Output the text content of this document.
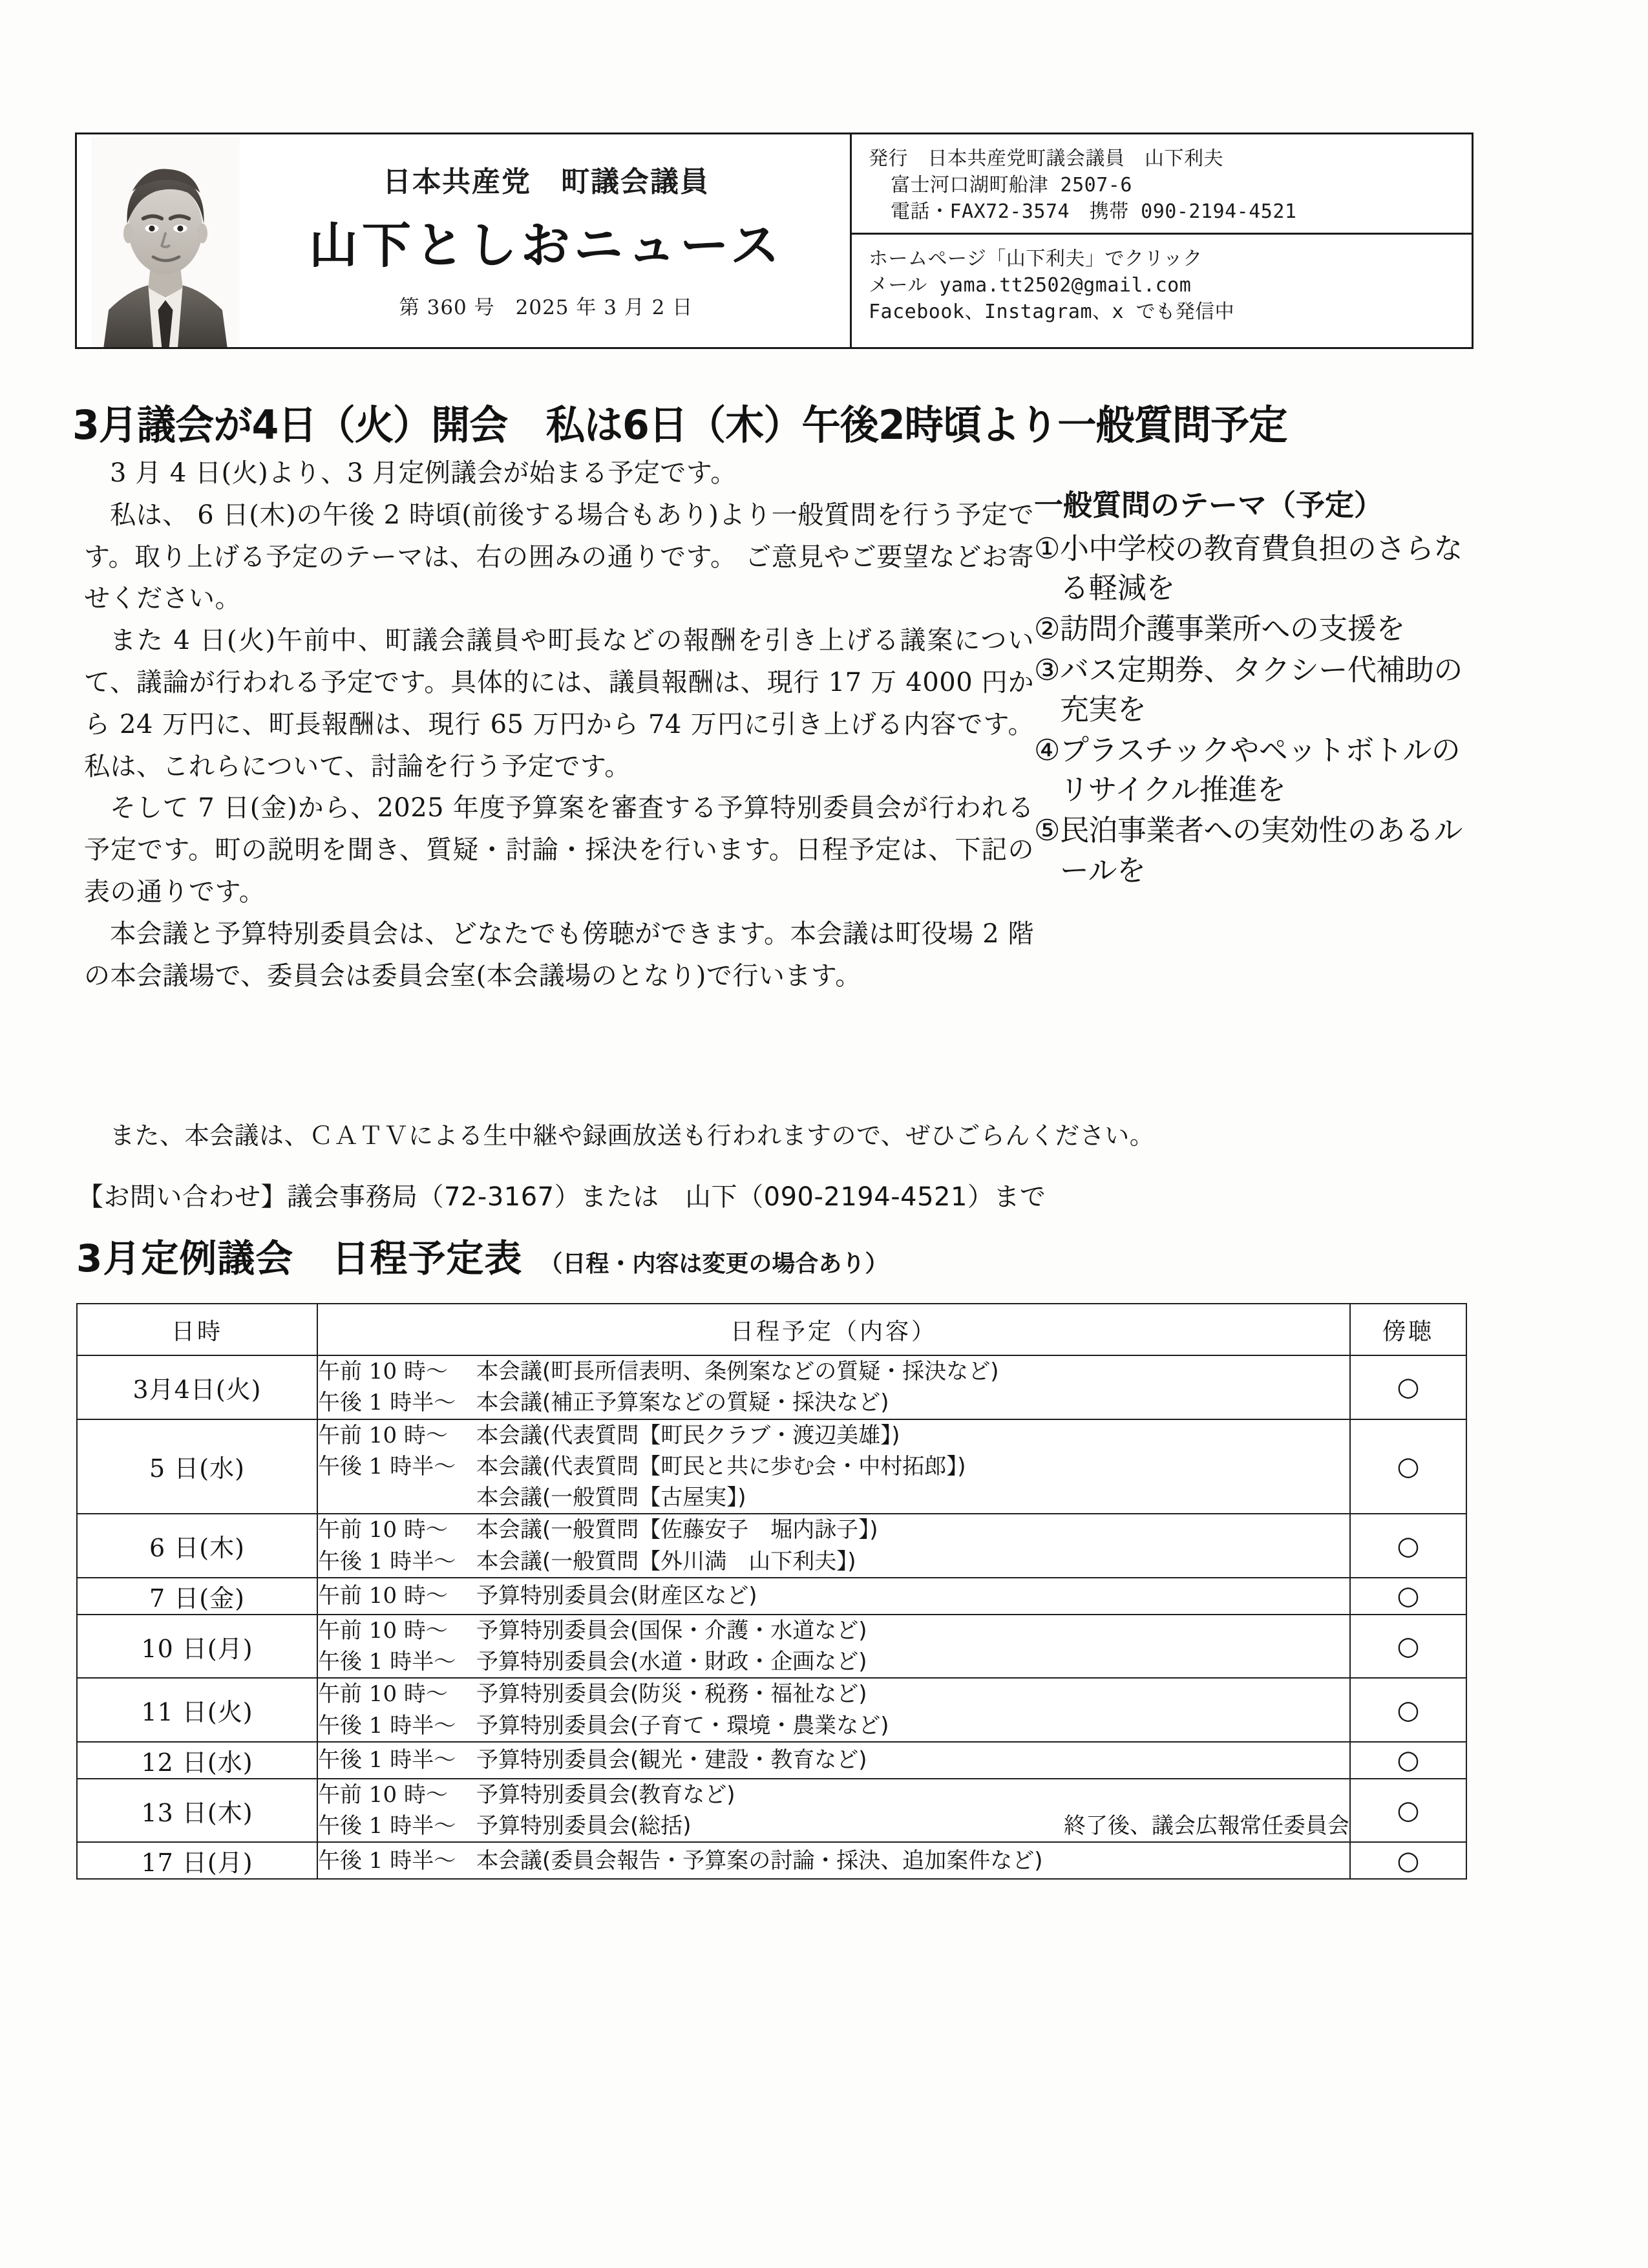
日本共産党　町議会議員
山下としおニュース
第 360 号　2025 年 3 月 2 日
発行　日本共産党町議会議員　山下利夫
富士河口湖町船津 2507-6
電話・FAX72-3574　携帯 090-2194-4521
ホームページ「山下利夫」でクリック
メール yama.tt2502@gmail.com
Facebook、Instagram、x でも発信中
3月議会が4日（火）開会　私は6日（木）午後2時頃より一般質問予定

3 月 4 日(火)より、3 月定例議会が始まる予定です。

私は、 6 日(木)の午後 2 時頃(前後する場合もあり)より一般質問を行う予定です。取り上げる予定のテーマは、右の囲みの通りです。 ご意見やご要望などお寄せください。

また 4 日(火)午前中、町議会議員や町長などの報酬を引き上げる議案について、議論が行われる予定です。具体的には、議員報酬は、現行 17 万 4000 円から 24 万円に、町長報酬は、現行 65 万円から 74 万円に引き上げる内容です。私は、これらについて、討論を行う予定です。

そして 7 日(金)から、2025 年度予算案を審査する予算特別委員会が行われる予定です。町の説明を聞き、質疑・討論・採決を行います。日程予定は、下記の表の通りです。

本会議と予算特別委員会は、どなたでも傍聴ができます。本会議は町役場 2 階の本会議場で、委員会は委員会室(本会議場のとなり)で行います。

一般質問のテーマ（予定）
① 小中学校の教育費負担のさらなる軽減を
② 訪問介護事業所への支援を
③ バス定期券、タクシー代補助の充実を
④ プラスチックやペットボトルのリサイクル推進を
⑤ 民泊事業者への実効性のあるルールを
また、本会議は、ＣＡＴＶによる生中継や録画放送も行われますので、ぜひごらんください。
【お問い合わせ】議会事務局（72-3167）または　山下（090-2194-4521）まで
3月定例議会　日程予定表 （日程・内容は変更の場合あり）
日時	日程予定（内容）	傍聴
3月4日(火)	午前 10 時〜 本会議(町長所信表明、条例案などの質疑・採決など)
午後 1 時半〜 本会議(補正予算案などの質疑・採決など)	○
5 日(水)	午前 10 時〜 本会議(代表質問【町民クラブ・渡辺美雄】)
午後 1 時半〜 本会議(代表質問【町民と共に歩む会・中村拓郎】)
本会議(一般質問【古屋実】)	○
6 日(木)	午前 10 時〜 本会議(一般質問【佐藤安子　堀内詠子】)
午後 1 時半〜 本会議(一般質問【外川満　山下利夫】)	○
7 日(金)	午前 10 時〜 予算特別委員会(財産区など)	○
10 日(月)	午前 10 時〜 予算特別委員会(国保・介護・水道など)
午後 1 時半〜 予算特別委員会(水道・財政・企画など)	○
11 日(火)	午前 10 時〜 予算特別委員会(防災・税務・福祉など)
午後 1 時半〜 予算特別委員会(子育て・環境・農業など)	○
12 日(水)	午後 1 時半〜 予算特別委員会(観光・建設・教育など)	○
13 日(木)	午前 10 時〜 予算特別委員会(教育など)
午後 1 時半〜 予算特別委員会(総括) 終了後、議会広報常任委員会	○
17 日(月)	午後 1 時半〜 本会議(委員会報告・予算案の討論・採決、追加案件など)	○
